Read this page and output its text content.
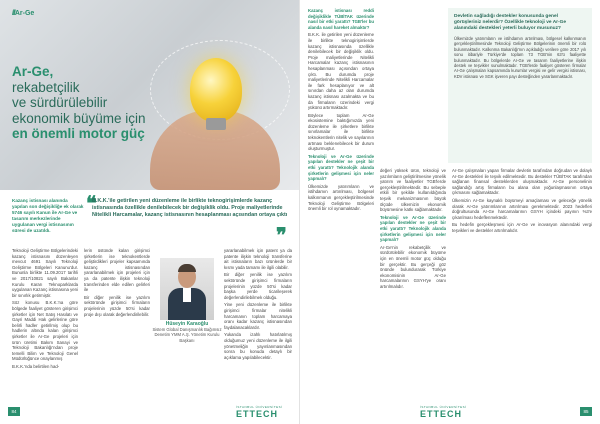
///Ar-Ge
Ar-Ge,
rekabetçilik
ve sürdürülebilir
ekonomik büyüme için
en önemli motor güç
Kazanç istisnası alanında yapılan son değişikliğe ek olarak 5746 sayılı Kanun ile Ar-Ge ve tasarım merkezlerinde uygulanan vergi istisnasının süresi de uzatıldı.
❝
B.K.K.'ile getirilen yeni düzenleme ile birlikte teknogirişimlerde kazanç istisnasında özellikle denilebilecek bir değişiklik oldu. Proje maliyetlerinde Nitelikli Harcamalar, kazanç istisnasının hesaplanması açısından ortaya çıktı
❞

Teknoloji Geliştirme Bölgelerindeki kazanç istisnasını düzenleyen mevcut 4691 Sayılı Teknoloji Geliştirme Bölgeleri Kanunu'dur. Bununla birlikte 11.09.2017 tarihli ve 2017/10821 sayılı Bakanlar Kurulu Kararı Teknoparklarda uygulanan Kazanç istisnasına yeni bir sınırlık getirmiştir.

Söz konusu B.K.K.'na göre bölgede faaliyet gösteren girişimci şirketler için Net Satış Hasılatı ve Gayri Maddi Hak gelirlerine göre belirli hadler getirilmiş olup bu hadlerin altında kalan girişimci şirketler ile Ar-Ge projeleri için ürün üretimi Bakım Sanayi ve Teknoloji Bakanlığı'ndan proje temelli Bilim ve Teknoloji Genel Müdürlüğünce onaylanmış

B.K.K.'nda belirtilen had-

lerin üstünde kalan girişimci şirketlerin ise teknokentlerde geliştirdikleri projeler kapsamında kazanç istisnasından yararlanabilmek için projeleri için ya da patente ilişkin teknoloji transferinden elde edilen gelirleri ile

Bir diğer yenilik ise yazılım sektöründe girişimci firmaların projelerinin yüzde 50'si kadar proje dışı olarak değerlendirilebilir.

Hüseyin Karaoğlu
Sistem Global Danışmanlık Bağımsız Denetim YMM A.Ş. Yönetim Kurulu Başkanı

yararlanabilmek için patent ya da patente ilişkin teknoloji transferine ait istisnaların bazı ürünlerde bir kısmı yada tamamı ile ilgili olabilir.

Bir diğer yenilik ise yazılım sektöründe girişimci firmaların projelerinin yüzde 50'si kadar başka yerde ticarileşerek değerlendirilebilmek olduğu.

Yine yeni düzenleme ile birlikte girişimci firmalar nitelikli harcamanın toplam harcamaya oranı kadar kazanç istisnasından faydalanacaklardır.

Yukarıda izahlı hatırlatılmış olduğumuz yeni düzenleme ile ilgili yönetmeliğin yayınlanmasından sonra bu konuda detaylı bir açıklama yapılabilecektir.

84
İSTANBUL ÜNİVERSİTESİ
ETTECH

Kazanç istisnası reddi değişiklikle TÜBİTAK üzerinde nasıl bir etki yarattı? TGB'ler bu alanda nasıl hareket almaktır?

B.K.K. ile getirilen yeni düzenleme ile birlikte teknogirişimlerde kazanç istisnasında özellikle denilebilecek bir değişiklik oldu. Proje maliyetlerinde Nitelikli Harcamalar kazanç istisnasının hesaplanması açısından ortaya çıktı. Bu durumda proje maliyetlerinde Nitelikli Harcamalar ile fark hesaplanıyor ve alt sınırdan daha az olan durumda kazanç istisnası azalmakta ve bu da firmaların üzerindeki vergi yükünü artırmaktadır.

Böylece toplam Ar-Ge ekosistemine baktığımızda yeni düzenleme ile şirketlere birlikte sınırlamalar ile birlikte teknokentlerin nitelik ve sayılarının artması beklenebilecek bir durum oluşturmuştur.

Teknoloji ve Ar-Ge üzerinde yapılan destekler ne çeşit bir etki yarattı? Teknolojik alanda şirketlerin gelişmesi için neler yapmalı?

Ülkemizde yatırımların ve istihdamın artırılması, bölgesel kalkınmanın gerçekleştirilmesinde Teknoloji Geliştirme Bölgeleri önemli bir rol oynamaktadır.

Devletin sağladığı destekler konusunda genel görüşleriniz nelerdir? Özellikle teknoloji ve Ar-Ge alanındaki destekleri yeterli buluyor musunuz?
Ülkemizde yatırımların ve istihdamın artırılması, bölgesel kalkınmanın gerçekleştirilmesinde Teknoloji Geliştirme Bölgelerinin önemli bir rolü bulunmaktadır. Kalkınma Bakanlığı'nın açıkladığı verilere göre 2017 yılı sonu itibariyle Türkiye'de toplam 73 TGB'nin 63'ü faaliyette bulunmaktadır. Bu bölgelerde Ar-Ge ve tasarım faaliyetlerine ilişkin destek ve teşvikler sunulmaktadır. TGB'lerde faaliyet gösteren firmalar Ar-Ge çalışmaları kapsamında kurumlar vergisi ve gelir vergisi istisnası, KDV istisnası ve SGK işveren payı desteğinden yararlanmaktadır.

değeri yüksek ürün, teknoloji ve yazılımların geliştirilmesine yönelik yatırım ve faaliyetler TGB'lerde gerçekleştirilmektedir. Bu sebeple etkili bir şekilde kullanıldığında teşvik mekanizmasının büyük ölçüde ülkemizin ekonomik büyümesine katkı sağlamaktadır.

Teknoloji ve Ar-Ge üzerinde yapılan destekler ne çeşit bir etki yarattı? Teknolojik alanda şirketlerin gelişmesi için neler yapmalı?

Ar-Ge'nin rekabetçilik ve sürdürülebilir ekonomik büyüme için en önemli motor güç olduğu bir gerçektir. Bu gerçeği göz önünde bulundurarak Türkiye ekonomisinin Ar-Ge harcamalarının GSYH'ye oranı artırılmalıdır.

Ar-Ge çalışmaları yapan firmalar devletin tarafından doğrudan ve dolaylı Ar-Ge destekleri ile teşvik edilmektedir. Bu destekler TÜBİTAK tarafından sağlanan finansal desteklerden oluşmaktadır. Ar-Ge personelinin sağlandığı artış firmaların bu alana olan yoğunlaşmasının ortaya çıkmasını sağlamaktadır.

Ülkemizin Ar-Ge kaynaklı büyümeyi amaçlaması ve geleceğe yönelik olarak Ar-Ge yatırımlarının artırılması gerekmektedir. 2023 hedefleri doğrultusunda Ar-Ge harcamalarının GSYH içindeki payının %3'e çıkarılması hedeflenmektedir.

Bu hedefin gerçekleşmesi için Ar-Ge ve inovasyon alanındaki vergi teşvikleri ve destekler artırılmalıdır.

İSTANBUL ÜNİVERSİTESİ
ETTECH	85
